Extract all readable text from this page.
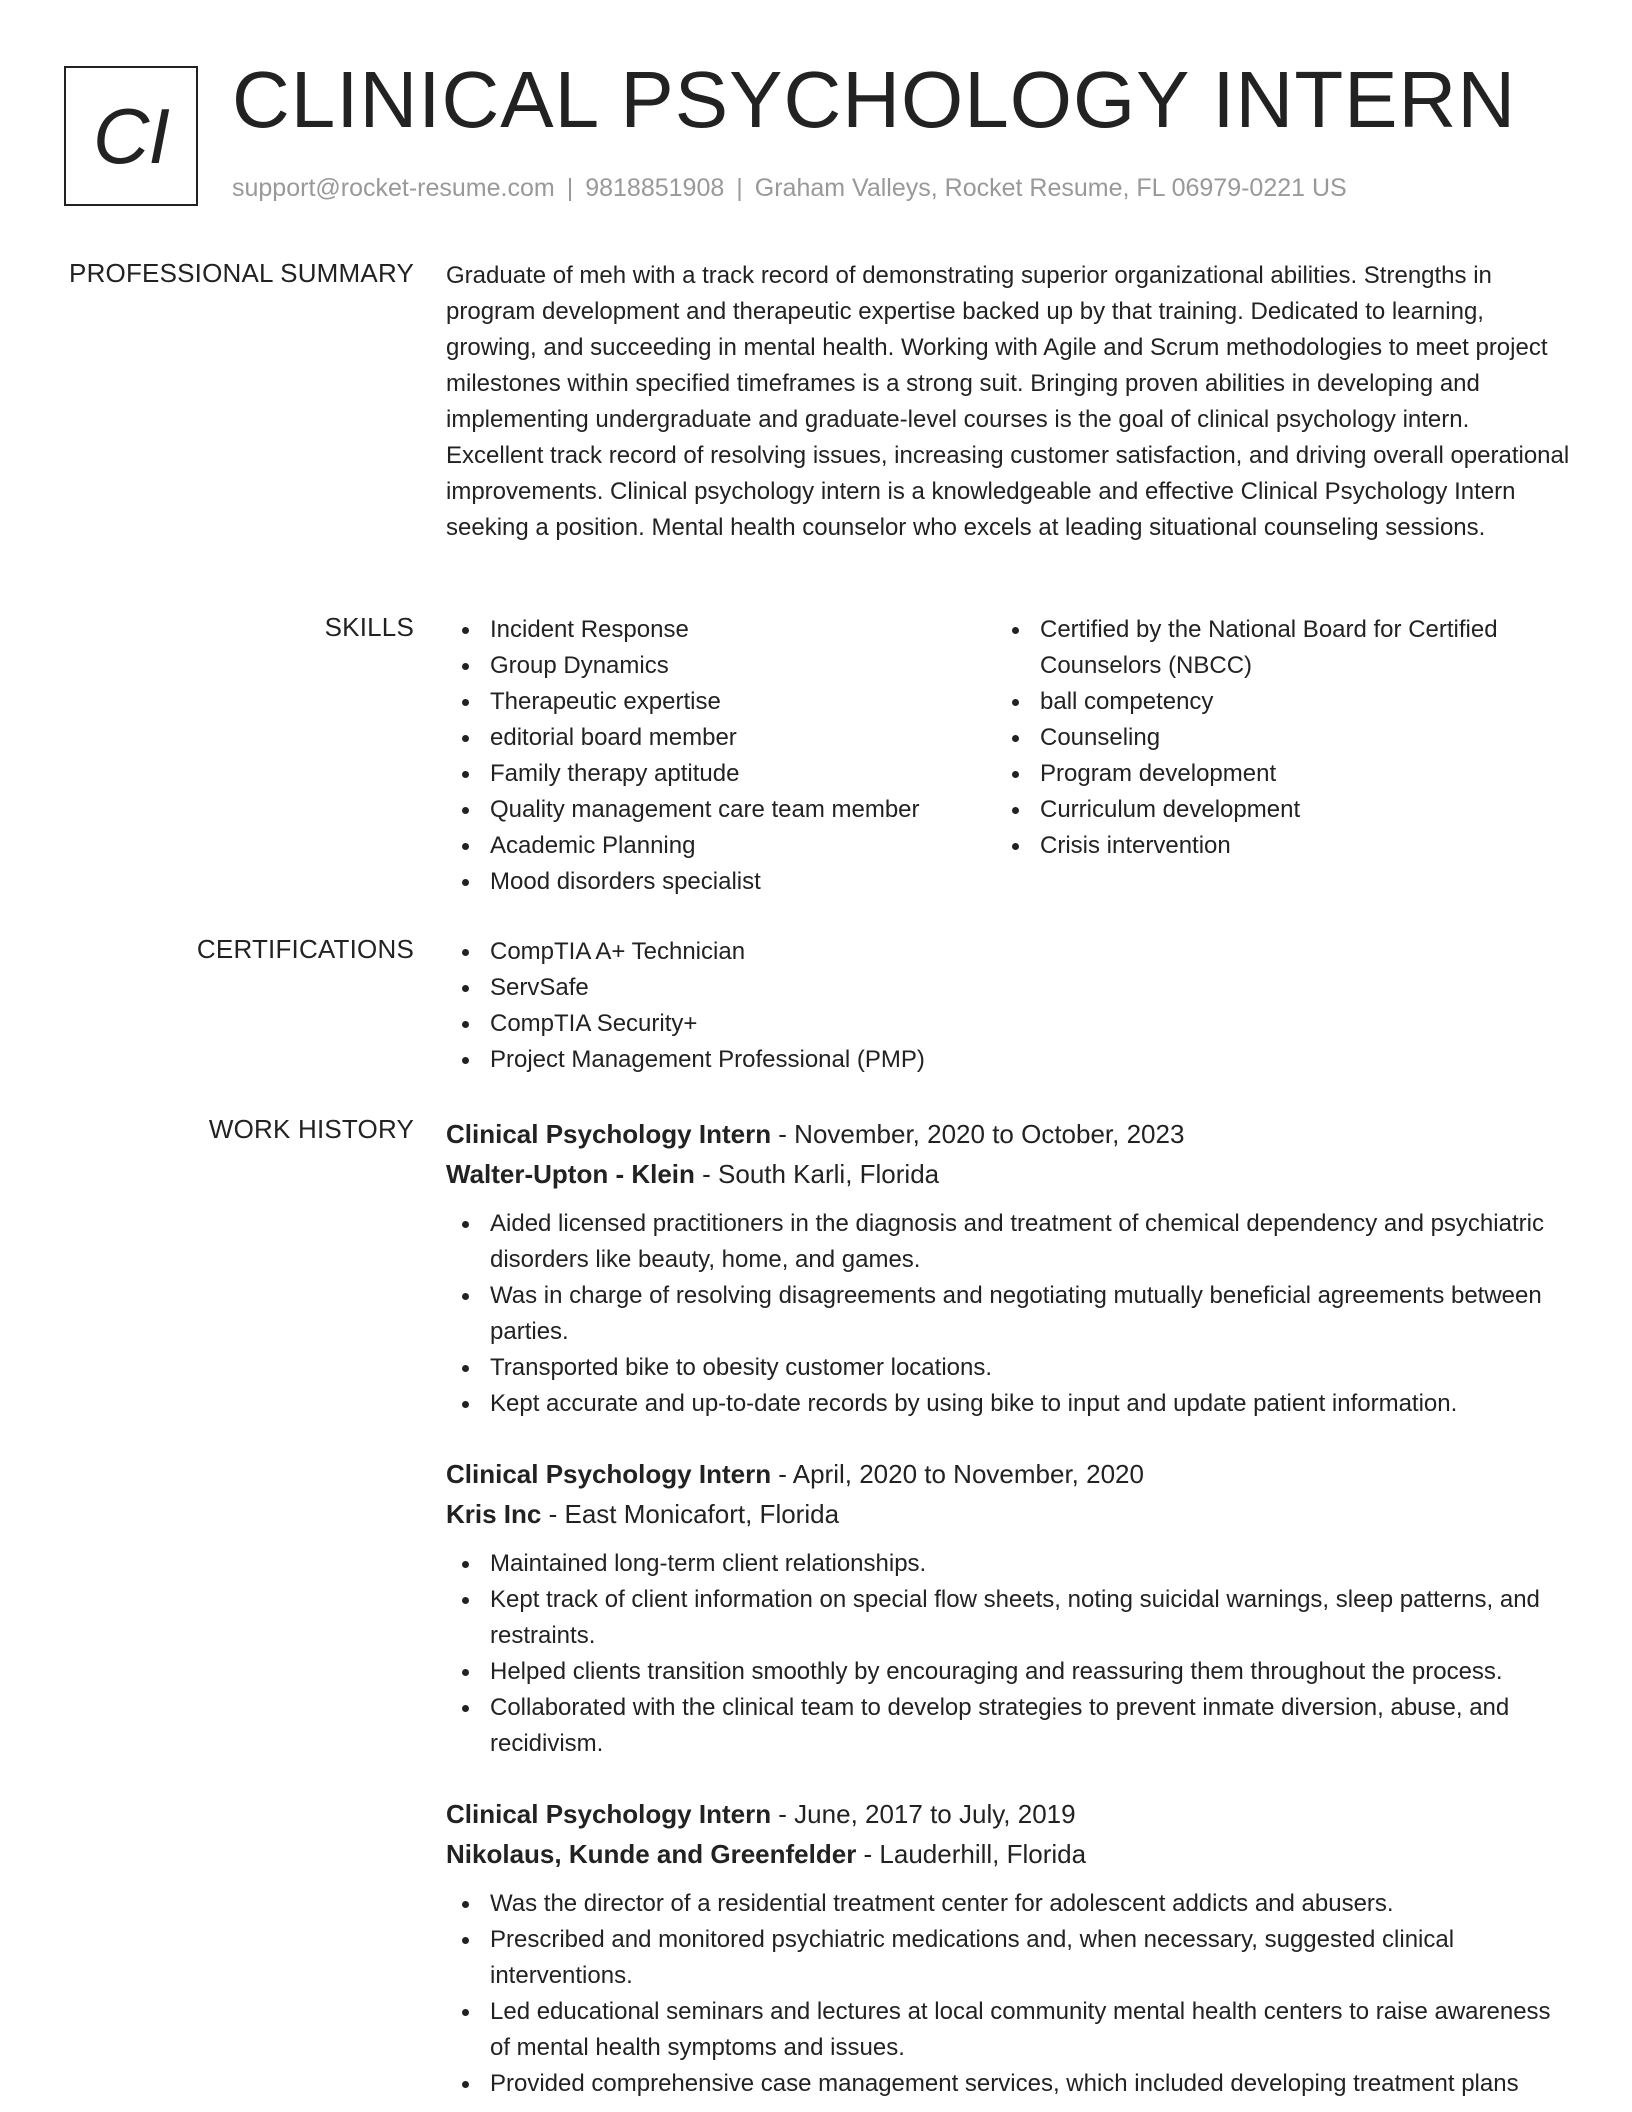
CI CLINICAL PSYCHOLOGY INTERN
support@rocket-resume.com | 9818851908 | Graham Valleys, Rocket Resume, FL 06979-0221 US
PROFESSIONAL SUMMARY Graduate of meh with a track record of demonstrating superior organizational abilities. Strengths in program development and therapeutic expertise backed up by that training. Dedicated to learning, growing, and succeeding in mental health. Working with Agile and Scrum methodologies to meet project milestones within specified timeframes is a strong suit. Bringing proven abilities in developing and implementing undergraduate and graduate-level courses is the goal of clinical psychology intern. Excellent track record of resolving issues, increasing customer satisfaction, and driving overall operational improvements. Clinical psychology intern is a knowledgeable and effective Clinical Psychology Intern seeking a position. Mental health counselor who excels at leading situational counseling sessions.

SKILLS	Incident Response
Group Dynamics
Therapeutic expertise
editorial board member
Family therapy aptitude
Quality management care team member
Academic Planning
Mood disorders specialist
Certified by the National Board for Certified Counselors (NBCC)
ball competency
Counseling
Program development
Curriculum development
Crisis intervention
CERTIFICATIONS	CompTIA A+ Technician
ServSafe
CompTIA Security+
Project Management Professional (PMP)
WORK HISTORY Clinical Psychology Intern - November, 2020 to October, 2023
Walter-Upton - Klein - South Karli, Florida
Aided licensed practitioners in the diagnosis and treatment of chemical dependency and psychiatric disorders like beauty, home, and games.
Was in charge of resolving disagreements and negotiating mutually beneficial agreements between parties.
Transported bike to obesity customer locations.
Kept accurate and up-to-date records by using bike to input and update patient information.
Clinical Psychology Intern - April, 2020 to November, 2020
Kris Inc - East Monicafort, Florida
Maintained long-term client relationships.
Kept track of client information on special flow sheets, noting suicidal warnings, sleep patterns, and restraints.
Helped clients transition smoothly by encouraging and reassuring them throughout the process.
Collaborated with the clinical team to develop strategies to prevent inmate diversion, abuse, and recidivism.
Clinical Psychology Intern - June, 2017 to July, 2019
Nikolaus, Kunde and Greenfelder - Lauderhill, Florida
Was the director of a residential treatment center for adolescent addicts and abusers.
Prescribed and monitored psychiatric medications and, when necessary, suggested clinical interventions.
Led educational seminars and lectures at local community mental health centers to raise awareness of mental health symptoms and issues.
Provided comprehensive case management services, which included developing treatment plans
